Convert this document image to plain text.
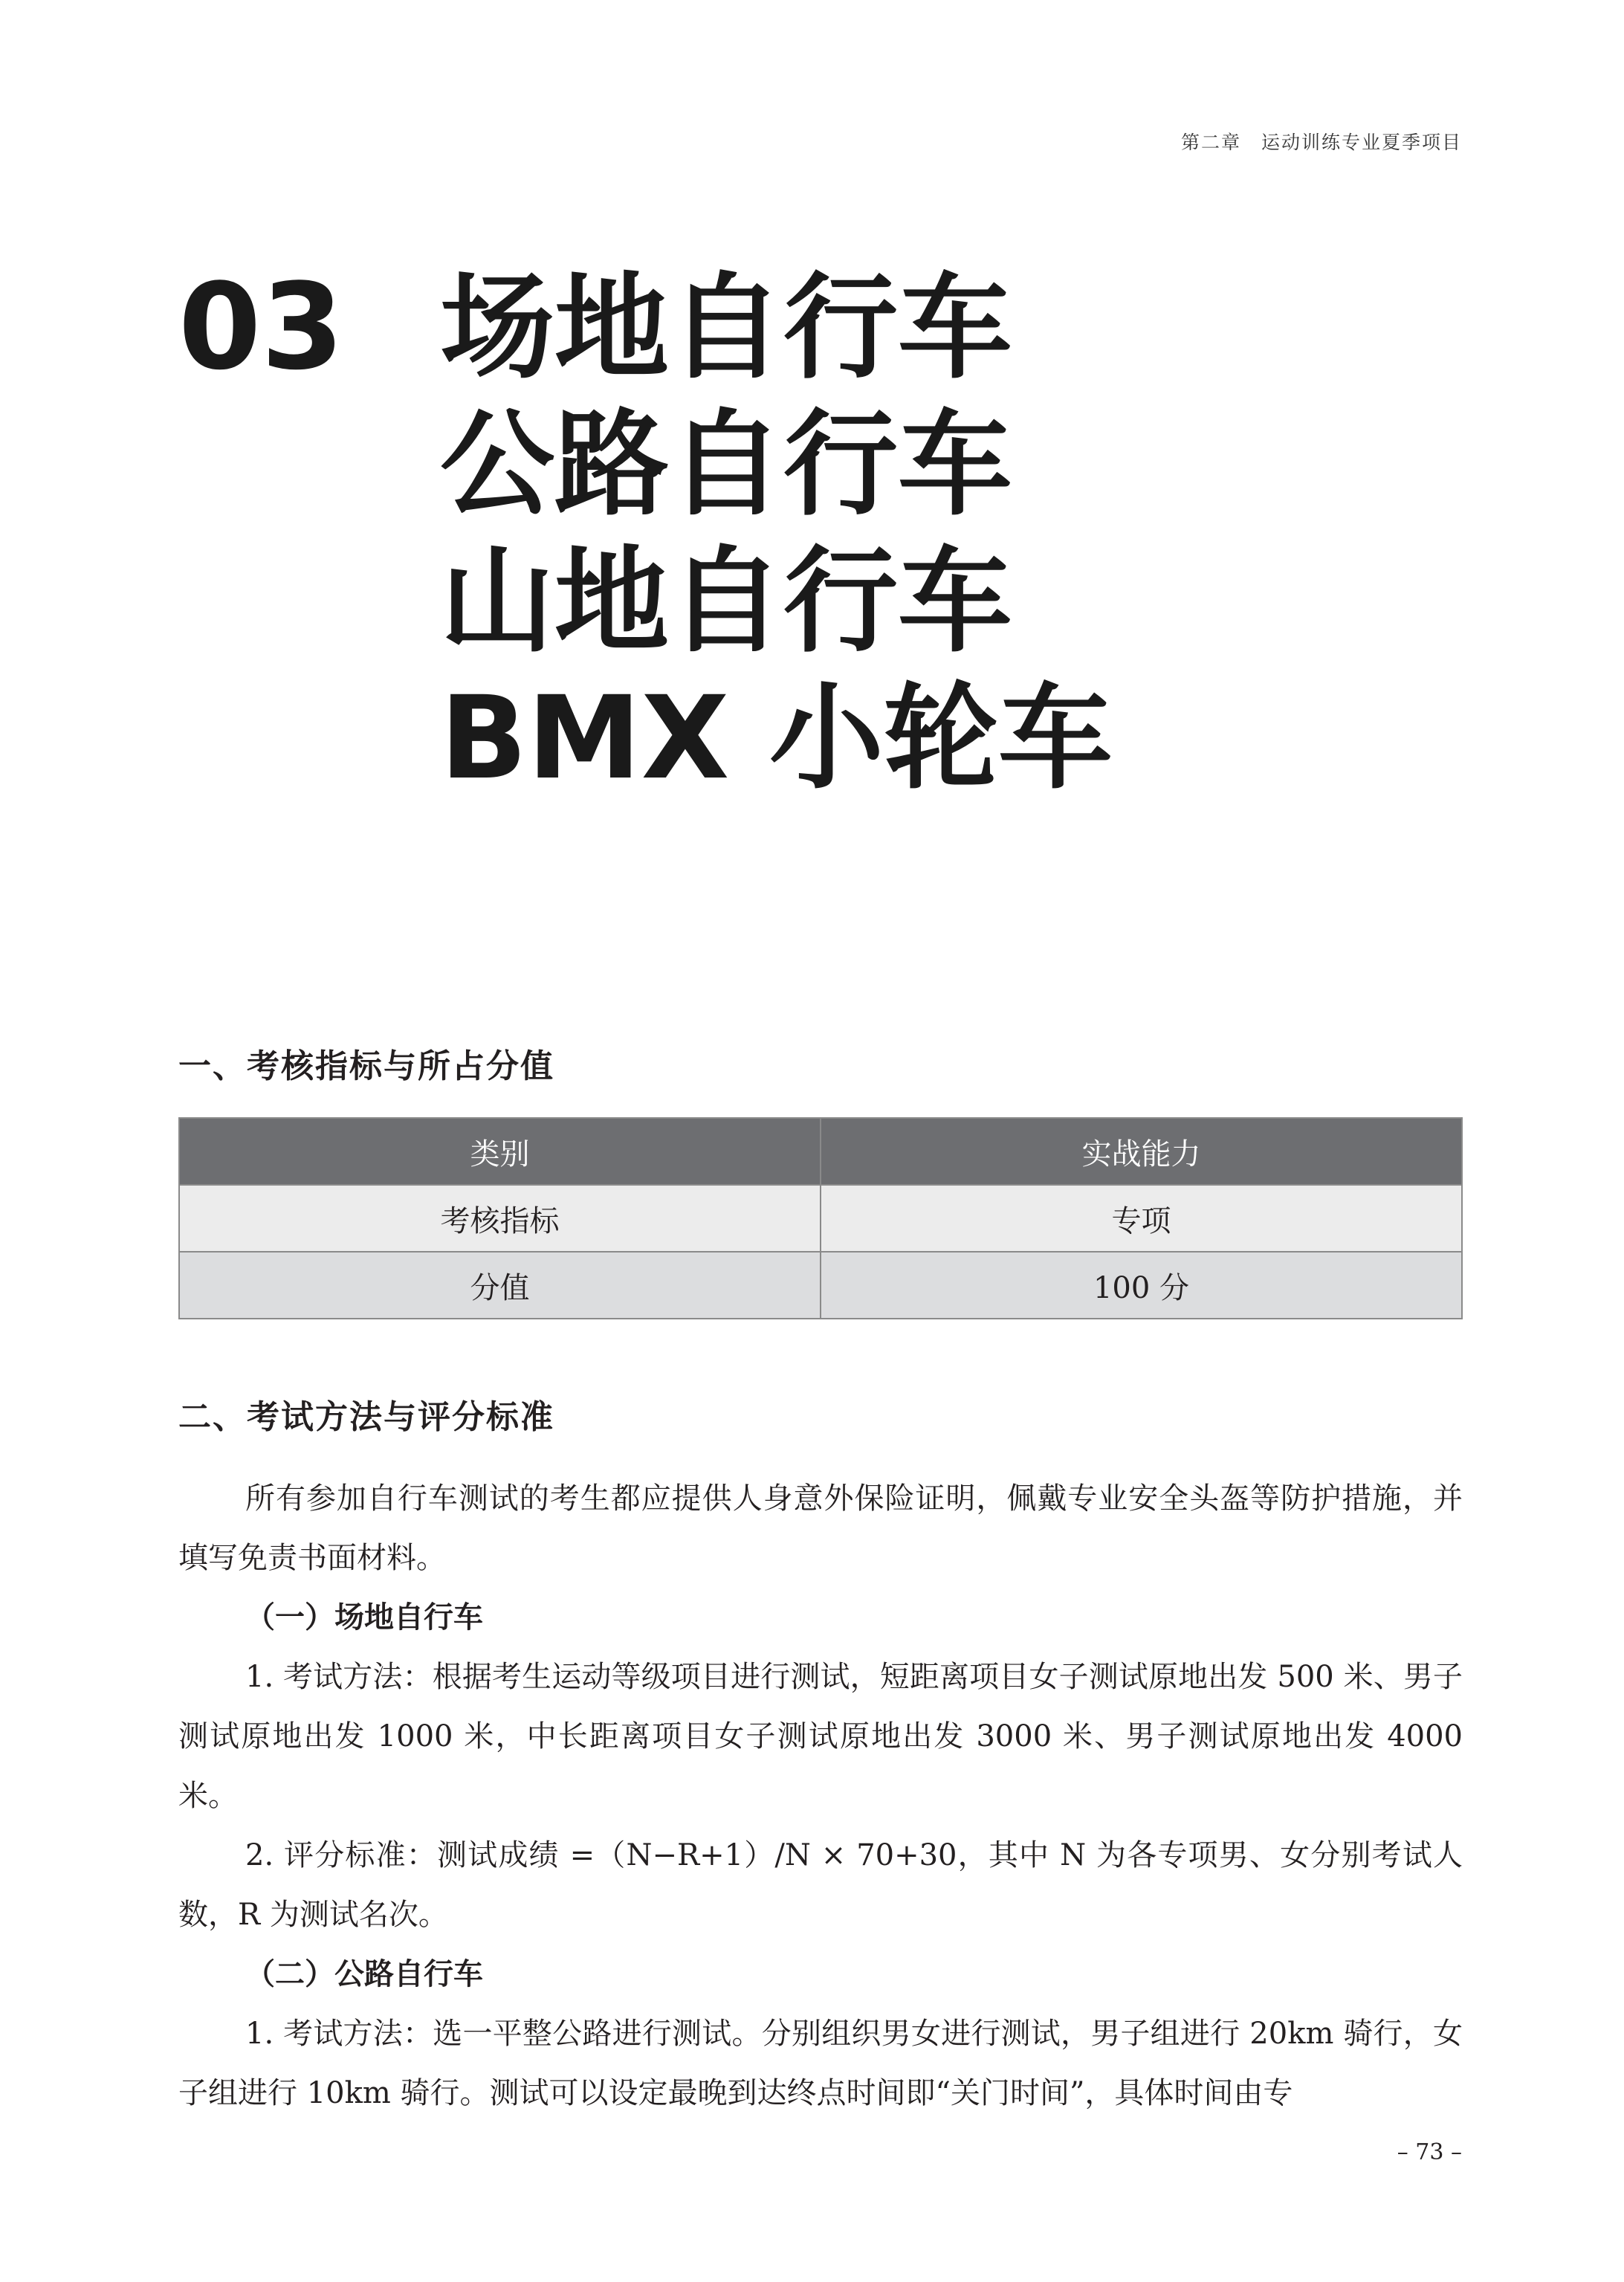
第二章　运动训练专业夏季项目
03 场地自行车
公路自行车
山地自行车
BMX 小轮车
一、考核指标与所占分值
类别	实战能力
考核指标	专项
分值	100 分
二、考试方法与评分标准

所有参加自行车测试的考生都应提供人身意外保险证明，佩戴专业安全头盔等防护措施，并填写免责书面材料。

（一）场地自行车

1. 考试方法：根据考生运动等级项目进行测试，短距离项目女子测试原地出发 500 米、男子测试原地出发 1000 米，中长距离项目女子测试原地出发 3000 米、男子测试原地出发 4000 米。

2. 评分标准：测试成绩 =（N−R+1）/N × 70+30，其中 N 为各专项男、女分别考试人数，R 为测试名次。

（二）公路自行车

1. 考试方法：选一平整公路进行测试。分别组织男女进行测试，男子组进行 20km 骑行，女子组进行 10km 骑行。测试可以设定最晚到达终点时间即“关门时间”，具体时间由专

– 73 –
